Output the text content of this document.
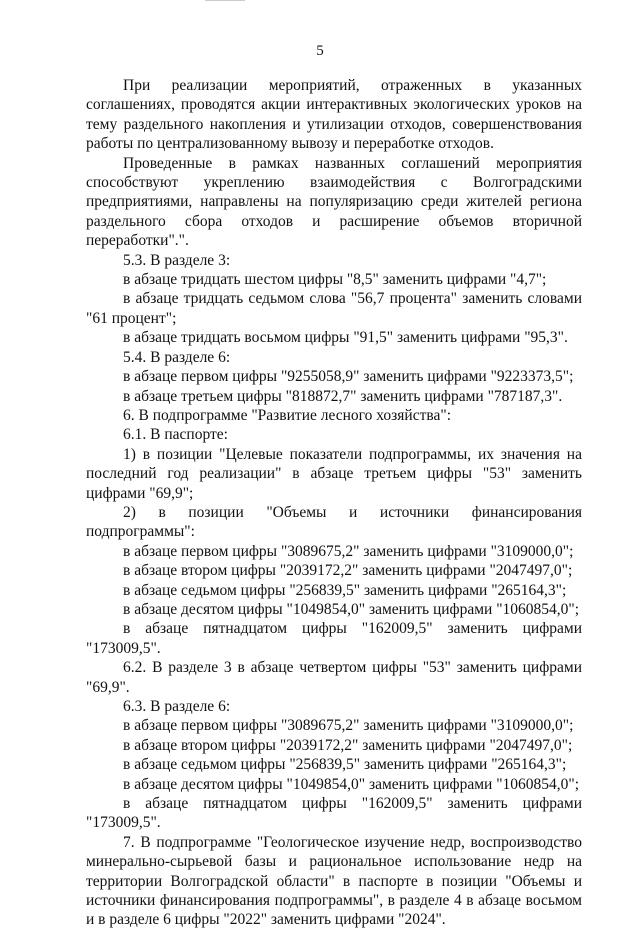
5

При реализации мероприятий, отраженных в указанных соглашениях, проводятся акции интерактивных экологических уроков на тему раздельного накопления и утилизации отходов, совершенствования работы по централизованному вывозу и переработке отходов.

Проведенные в рамках названных соглашений мероприятия способствуют укреплению взаимодействия с Волгоградскими предприятиями, направлены на популяризацию среди жителей региона раздельного сбора отходов и расширение объемов вторичной переработки".".

5.3. В разделе 3:

в абзаце тридцать шестом цифры "8,5" заменить цифрами "4,7";

в абзаце тридцать седьмом слова "56,7 процента" заменить словами "61 процент";

в абзаце тридцать восьмом цифры "91,5" заменить цифрами "95,3".

5.4. В разделе 6:

в абзаце первом цифры "9255058,9" заменить цифрами "9223373,5";

в абзаце третьем цифры "818872,7" заменить цифрами "787187,3".

6. В подпрограмме "Развитие лесного хозяйства":

6.1. В паспорте:

1) в позиции "Целевые показатели подпрограммы, их значения на последний год реализации" в абзаце третьем цифры "53" заменить цифрами "69,9";

2) в позиции "Объемы и источники финансирования подпрограммы":

в абзаце первом цифры "3089675,2" заменить цифрами "3109000,0";

в абзаце втором цифры "2039172,2" заменить цифрами "2047497,0";

в абзаце седьмом цифры "256839,5" заменить цифрами "265164,3";

в абзаце десятом цифры "1049854,0" заменить цифрами "1060854,0";

в абзаце пятнадцатом цифры "162009,5" заменить цифрами "173009,5".

6.2. В разделе 3 в абзаце четвертом цифры "53" заменить цифрами "69,9".

6.3. В разделе 6:

в абзаце первом цифры "3089675,2" заменить цифрами "3109000,0";

в абзаце втором цифры "2039172,2" заменить цифрами "2047497,0";

в абзаце седьмом цифры "256839,5" заменить цифрами "265164,3";

в абзаце десятом цифры "1049854,0" заменить цифрами "1060854,0";

в абзаце пятнадцатом цифры "162009,5" заменить цифрами "173009,5".

7. В подпрограмме "Геологическое изучение недр, воспроизводство минерально-сырьевой базы и рациональное использование недр на территории Волгоградской области" в паспорте в позиции "Объемы и источники финансирования подпрограммы", в разделе 4 в абзаце восьмом и в разделе 6 цифры "2022" заменить цифрами "2024".
